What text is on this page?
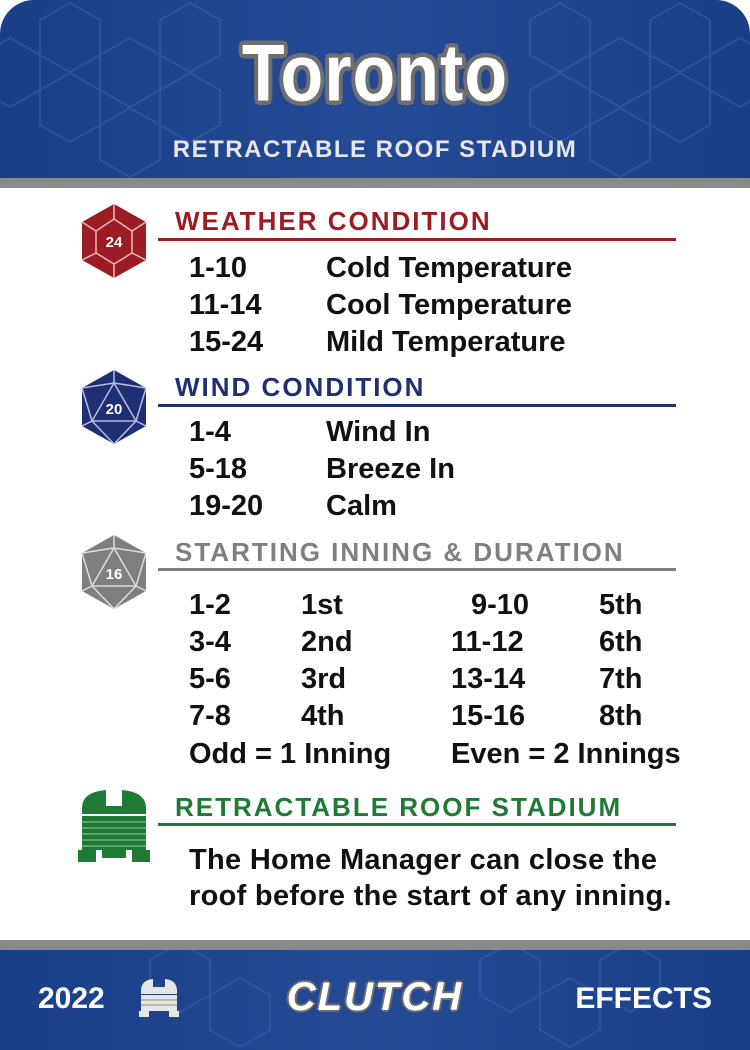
Toronto
RETRACTABLE ROOF STADIUM
24
WEATHER CONDITION
1-10	Cold Temperature
11-14 Cool Temperature
15-24 Mild Temperature
20
WIND CONDITION
1-4	Wind In
5-18	Breeze In
19-20 Calm
16
STARTING INNING & DURATION
1-2 1st	9-10 5th
3-4 2nd	11-12	6th
5-6 3rd	13-14	7th
7-8 4th	15-16	8th
Odd = 1 Inning Even = 2 Innings
RETRACTABLE ROOF STADIUM
The Home Manager can close the
roof before the start of any inning.
2022	CLUTCH	EFFECTS
